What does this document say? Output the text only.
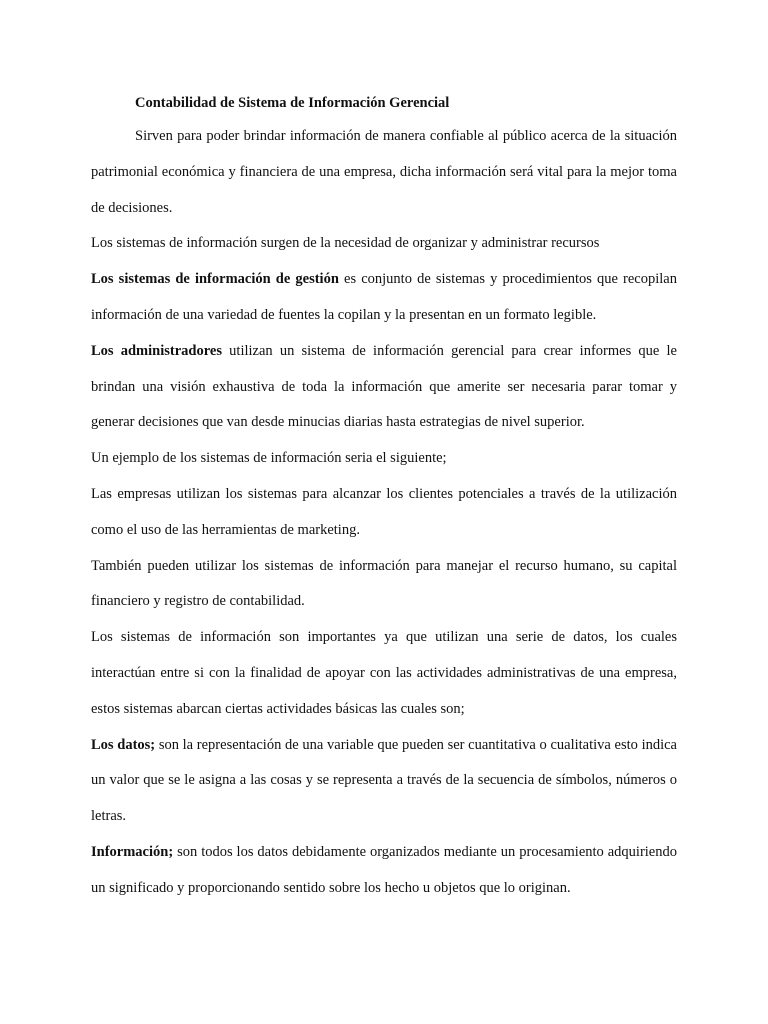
Contabilidad de Sistema de Información Gerencial

Sirven para poder brindar información de manera confiable al público acerca de la situación patrimonial económica y financiera de una empresa, dicha información será vital para la mejor toma de decisiones.

Los sistemas de información surgen de la necesidad de organizar y administrar recursos

Los sistemas de información de gestión es conjunto de sistemas y procedimientos que recopilan información de una variedad de fuentes la copilan y la presentan en un formato legible.

Los administradores utilizan un sistema de información gerencial para crear informes que le brindan una visión exhaustiva de toda la información que amerite ser necesaria parar tomar y generar decisiones que van desde minucias diarias hasta estrategias de nivel superior.

Un ejemplo de los sistemas de información seria el siguiente;

Las empresas utilizan los sistemas para alcanzar los clientes potenciales a través de la utilización como el uso de las herramientas de marketing.

También pueden utilizar los sistemas de información para manejar el recurso humano, su capital financiero y registro de contabilidad.

Los sistemas de información son importantes ya que utilizan una serie de datos, los cuales interactúan entre si con la finalidad de apoyar con las actividades administrativas de una empresa, estos sistemas abarcan ciertas actividades básicas las cuales son;

Los datos; son la representación de una variable que pueden ser cuantitativa o cualitativa esto indica un valor que se le asigna a las cosas y se representa a través de la secuencia de símbolos, números o letras.

Información; son todos los datos debidamente organizados mediante un procesamiento adquiriendo un significado y proporcionando sentido sobre los hecho u objetos que lo originan.
